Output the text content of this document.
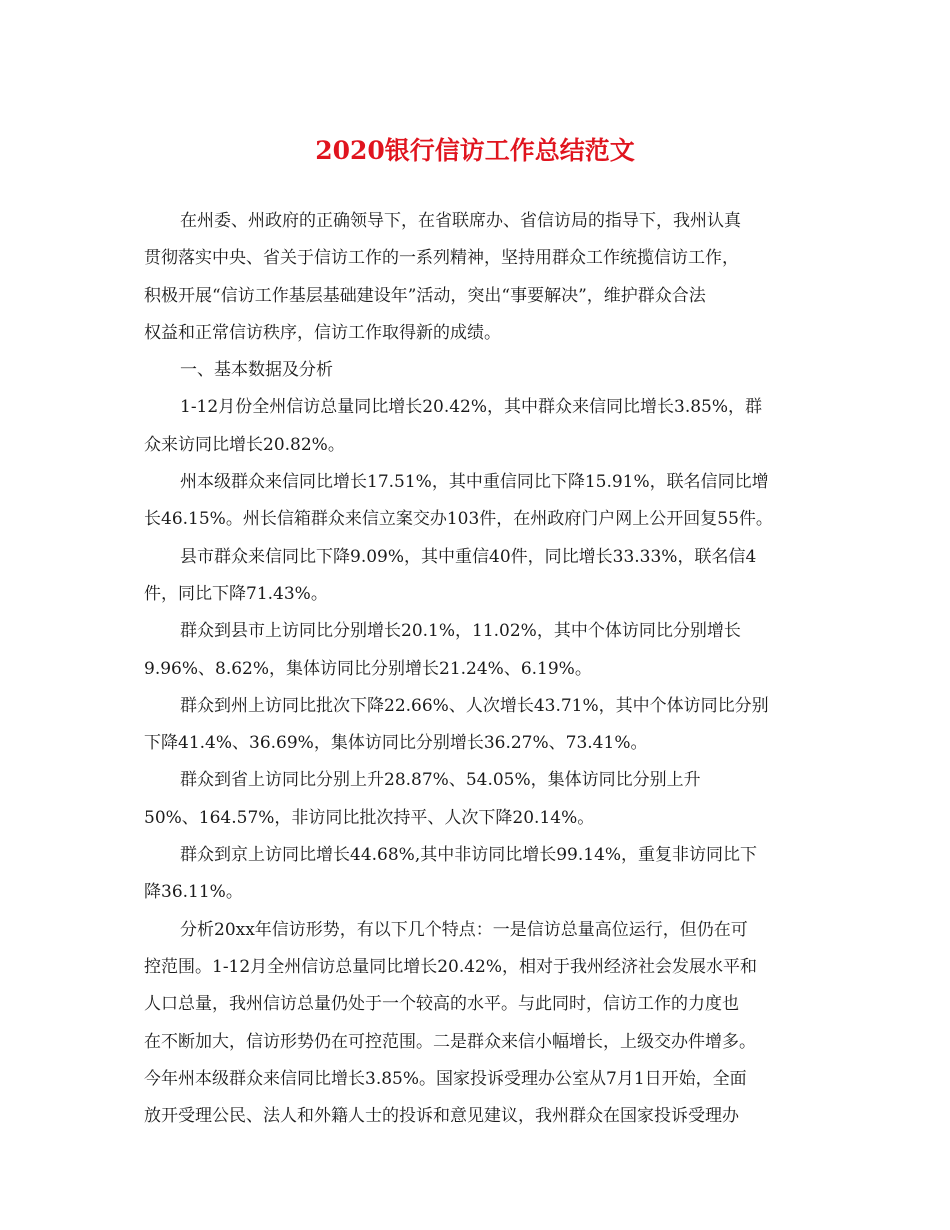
2020银行信访工作总结范文

在州委、州政府的正确领导下，在省联席办、省信访局的指导下，我州认真
贯彻落实中央、省关于信访工作的一系列精神，坚持用群众工作统揽信访工作，
积极开展“信访工作基层基础建设年”活动，突出“事要解决”，维护群众合法
权益和正常信访秩序，信访工作取得新的成绩。

一、基本数据及分析

1-12月份全州信访总量同比增长20.42%，其中群众来信同比增长3.85%，群
众来访同比增长20.82%。

州本级群众来信同比增长17.51%，其中重信同比下降15.91%，联名信同比增
长46.15%。州长信箱群众来信立案交办103件，在州政府门户网上公开回复55件。

县市群众来信同比下降9.09%，其中重信40件，同比增长33.33%，联名信4
件，同比下降71.43%。

群众到县市上访同比分别增长20.1%，11.02%，其中个体访同比分别增长
9.96%、8.62%，集体访同比分别增长21.24%、6.19%。

群众到州上访同比批次下降22.66%、人次增长43.71%，其中个体访同比分别
下降41.4%、36.69%，集体访同比分别增长36.27%、73.41%。

群众到省上访同比分别上升28.87%、54.05%，集体访同比分别上升
50%、164.57%，非访同比批次持平、人次下降20.14%。

群众到京上访同比增长44.68%,其中非访同比增长99.14%，重复非访同比下
降36.11%。

分析20xx年信访形势，有以下几个特点：一是信访总量高位运行，但仍在可
控范围。1-12月全州信访总量同比增长20.42%，相对于我州经济社会发展水平和
人口总量，我州信访总量仍处于一个较高的水平。与此同时，信访工作的力度也
在不断加大，信访形势仍在可控范围。二是群众来信小幅增长，上级交办件增多。
今年州本级群众来信同比增长3.85%。国家投诉受理办公室从7月1日开始，全面
放开受理公民、法人和外籍人士的投诉和意见建议，我州群众在国家投诉受理办
